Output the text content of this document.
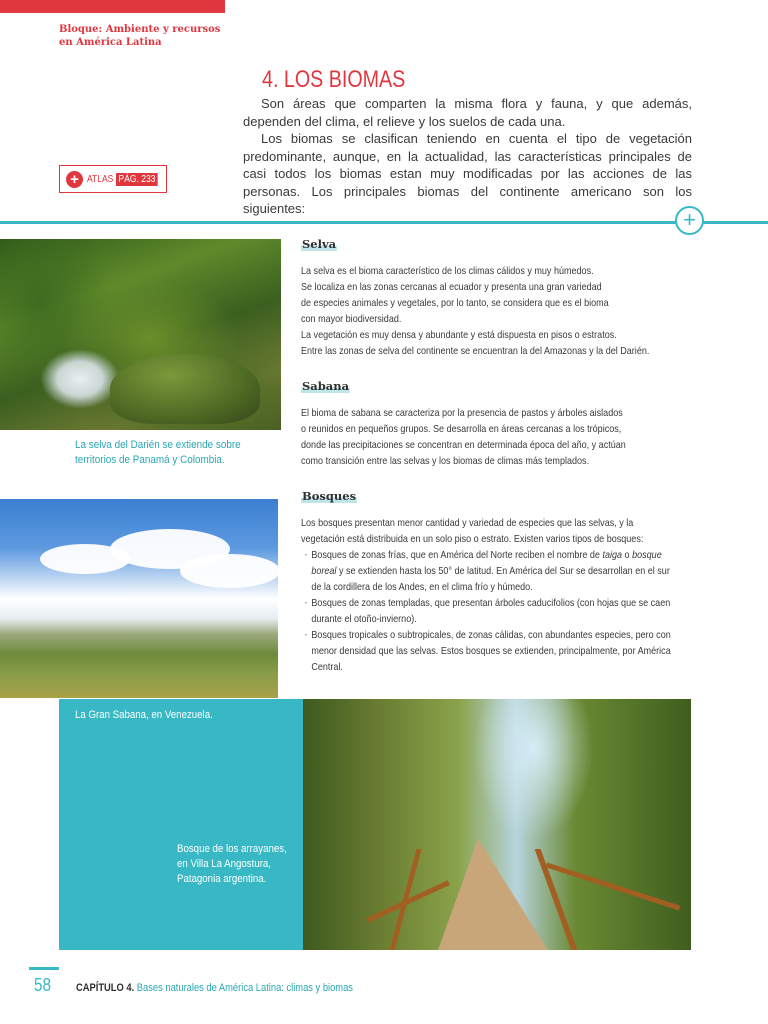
Bloque: Ambiente y recursos
en América Latina
4. LOS BIOMAS

Son áreas que comparten la misma flora y fauna, y que además, dependen del clima, el relieve y los suelos de cada una.

Los biomas se clasifican teniendo en cuenta el tipo de vegetación predominante, aunque, en la actualidad, las características principales de casi todos los biomas estan muy modificadas por las acciones de las personas. Los principales biomas del continente americano son los siguientes:

+ ATLAS PÁG. 233
+
La selva del Darién se extiende sobre territorios de Panamá y Colombia.
Selva

La selva es el bioma característico de los climas cálidos y muy húmedos.

Se localiza en las zonas cercanas al ecuador y presenta una gran variedad

de especies animales y vegetales, por lo tanto, se considera que es el bioma

con mayor biodiversidad.

La vegetación es muy densa y abundante y está dispuesta en pisos o estratos.

Entre las zonas de selva del continente se encuentran la del Amazonas y la del Darién.

Sabana

El bioma de sabana se caracteriza por la presencia de pastos y árboles aislados

o reunidos en pequeños grupos. Se desarrolla en áreas cercanas a los trópicos,

donde las precipitaciones se concentran en determinada época del año, y actúan

como transición entre las selvas y los biomas de climas más templados.

Bosques

Los bosques presentan menor cantidad y variedad de especies que las selvas, y la

vegetación está distribuida en un solo piso o estrato. Existen varios tipos de bosques:

· Bosques de zonas frías, que en América del Norte reciben el nombre de taiga o bosque boreal y se extienden hasta los 50° de latitud. En América del Sur se desarrollan en el sur de la cordillera de los Andes, en el clima frío y húmedo.
· Bosques de zonas templadas, que presentan árboles caducifolios (con hojas que se caen durante el otoño-invierno).
· Bosques tropicales o subtropicales, de zonas cálidas, con abundantes especies, pero con menor densidad que las selvas. Estos bosques se extienden, principalmente, por América Central.
La Gran Sabana, en Venezuela.
Bosque de los arrayanes, en Villa La Angostura, Patagonia argentina.
58 CAPÍTULO 4. Bases naturales de América Latina: climas y biomas
